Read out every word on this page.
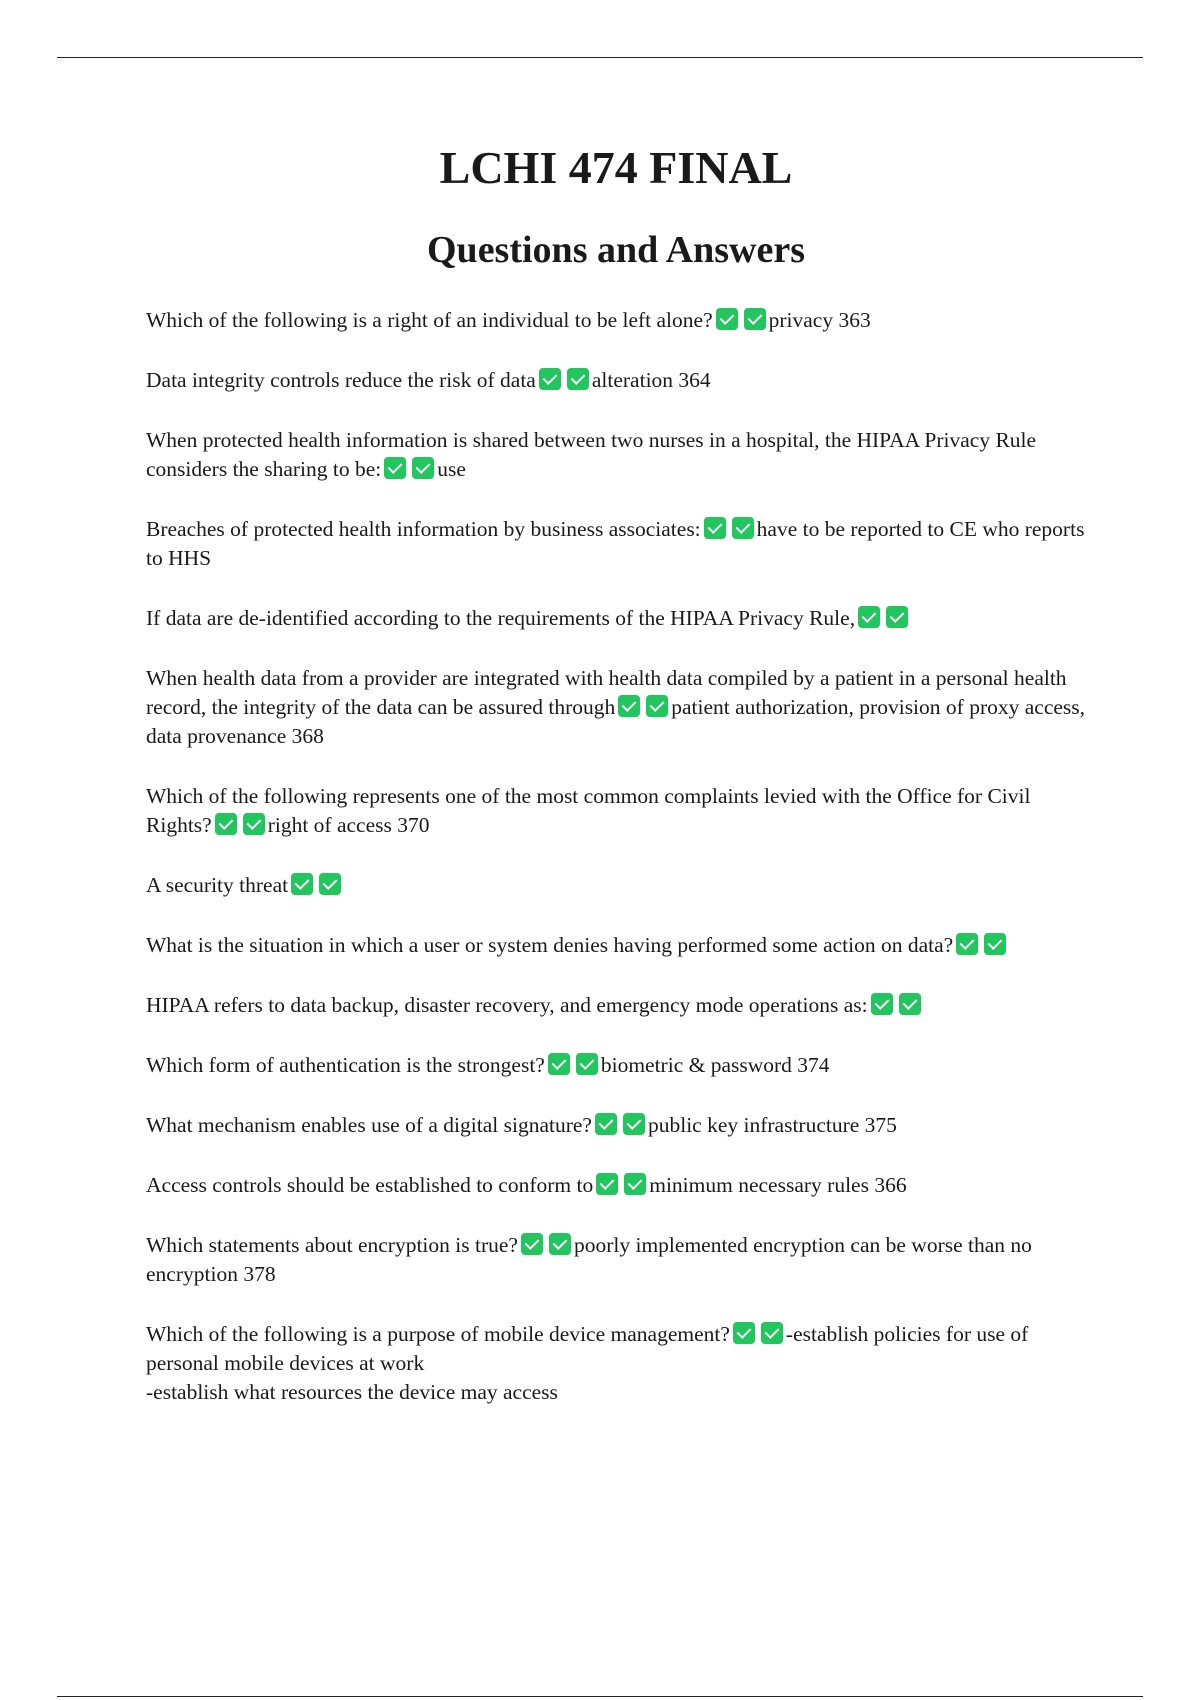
LCHI 474 FINAL
Questions and Answers

Which of the following is a right of an individual to be left alone?	privacy 363

Data integrity controls reduce the risk of data	alteration 364

When protected health information is shared between two nurses in a hospital, the HIPAA Privacy Rule considers the sharing to be:	use

Breaches of protected health information by business associates:	have to be reported to CE who reports to HHS

If data are de-identified according to the requirements of the HIPAA Privacy Rule,

When health data from a provider are integrated with health data compiled by a patient in a personal health record, the integrity of the data can be assured through	patient authorization, provision of proxy access, data provenance 368

Which of the following represents one of the most common complaints levied with the Office for Civil Rights?	right of access 370

A security threat

What is the situation in which a user or system denies having performed some action on data?

HIPAA refers to data backup, disaster recovery, and emergency mode operations as:

Which form of authentication is the strongest?	biometric & password 374

What mechanism enables use of a digital signature?	public key infrastructure 375

Access controls should be established to conform to	minimum necessary rules 366

Which statements about encryption is true?	poorly implemented encryption can be worse than no encryption 378

Which of the following is a purpose of mobile device management?	-establish policies for use of personal mobile devices at work
-establish what resources the device may access
